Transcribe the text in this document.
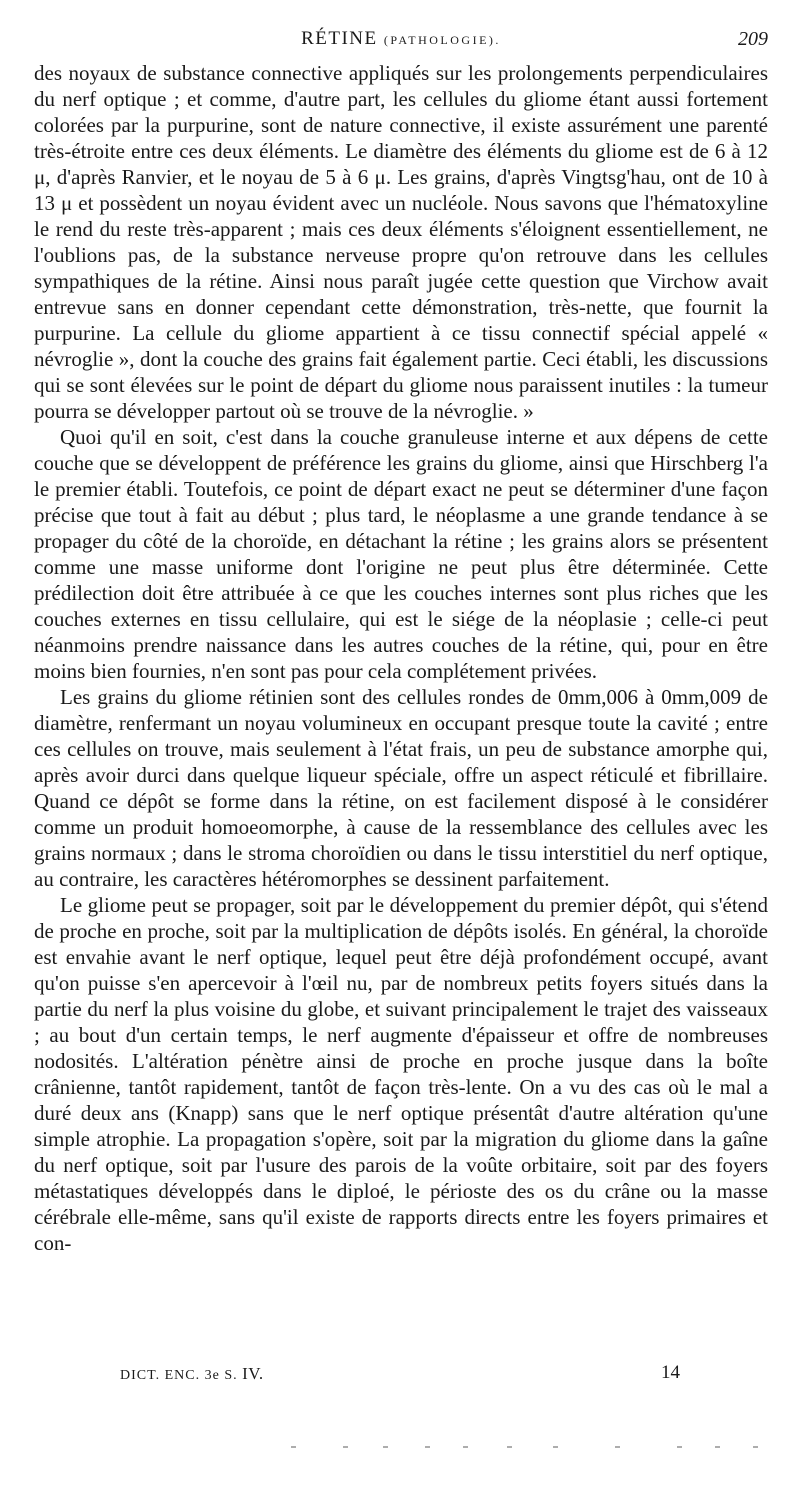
RÉTINE (PATHOLOGIE).	209

des noyaux de substance connective appliqués sur les prolongements perpendiculaires du nerf optique ; et comme, d'autre part, les cellules du gliome étant aussi fortement colorées par la purpurine, sont de nature connective, il existe assurément une parenté très-étroite entre ces deux éléments. Le diamètre des éléments du gliome est de 6 à 12 μ, d'après Ranvier, et le noyau de 5 à 6 μ. Les grains, d'après Vingtsg'hau, ont de 10 à 13 μ et possèdent un noyau évident avec un nucléole. Nous savons que l'hématoxyline le rend du reste très-apparent ; mais ces deux éléments s'éloignent essentiellement, ne l'oublions pas, de la substance nerveuse propre qu'on retrouve dans les cellules sympathiques de la rétine. Ainsi nous paraît jugée cette question que Virchow avait entrevue sans en donner cependant cette démonstration, très-nette, que fournit la purpurine. La cellule du gliome appartient à ce tissu connectif spécial appelé « névroglie », dont la couche des grains fait également partie. Ceci établi, les discussions qui se sont élevées sur le point de départ du gliome nous paraissent inutiles : la tumeur pourra se développer partout où se trouve de la névroglie. »

Quoi qu'il en soit, c'est dans la couche granuleuse interne et aux dépens de cette couche que se développent de préférence les grains du gliome, ainsi que Hirschberg l'a le premier établi. Toutefois, ce point de départ exact ne peut se déterminer d'une façon précise que tout à fait au début ; plus tard, le néoplasme a une grande tendance à se propager du côté de la choroïde, en détachant la rétine ; les grains alors se présentent comme une masse uniforme dont l'origine ne peut plus être déterminée. Cette prédilection doit être attribuée à ce que les couches internes sont plus riches que les couches externes en tissu cellulaire, qui est le siége de la néoplasie ; celle-ci peut néanmoins prendre naissance dans les autres couches de la rétine, qui, pour en être moins bien fournies, n'en sont pas pour cela complétement privées.

Les grains du gliome rétinien sont des cellules rondes de 0mm,006 à 0mm,009 de diamètre, renfermant un noyau volumineux en occupant presque toute la cavité ; entre ces cellules on trouve, mais seulement à l'état frais, un peu de substance amorphe qui, après avoir durci dans quelque liqueur spéciale, offre un aspect réticulé et fibrillaire. Quand ce dépôt se forme dans la rétine, on est facilement disposé à le considérer comme un produit homoeomorphe, à cause de la ressemblance des cellules avec les grains normaux ; dans le stroma choroïdien ou dans le tissu interstitiel du nerf optique, au contraire, les caractères hétéromorphes se dessinent parfaitement.

Le gliome peut se propager, soit par le développement du premier dépôt, qui s'étend de proche en proche, soit par la multiplication de dépôts isolés. En général, la choroïde est envahie avant le nerf optique, lequel peut être déjà profondément occupé, avant qu'on puisse s'en apercevoir à l'œil nu, par de nombreux petits foyers situés dans la partie du nerf la plus voisine du globe, et suivant principalement le trajet des vaisseaux ; au bout d'un certain temps, le nerf augmente d'épaisseur et offre de nombreuses nodosités. L'altération pénètre ainsi de proche en proche jusque dans la boîte crânienne, tantôt rapidement, tantôt de façon très-lente. On a vu des cas où le mal a duré deux ans (Knapp) sans que le nerf optique présentât d'autre altération qu'une simple atrophie. La propagation s'opère, soit par la migration du gliome dans la gaîne du nerf optique, soit par l'usure des parois de la voûte orbitaire, soit par des foyers métastatiques développés dans le diploé, le périoste des os du crâne ou la masse cérébrale elle-même, sans qu'il existe de rapports directs entre les foyers primaires et con-

DICT. ENC. 3e S. IV.	14
